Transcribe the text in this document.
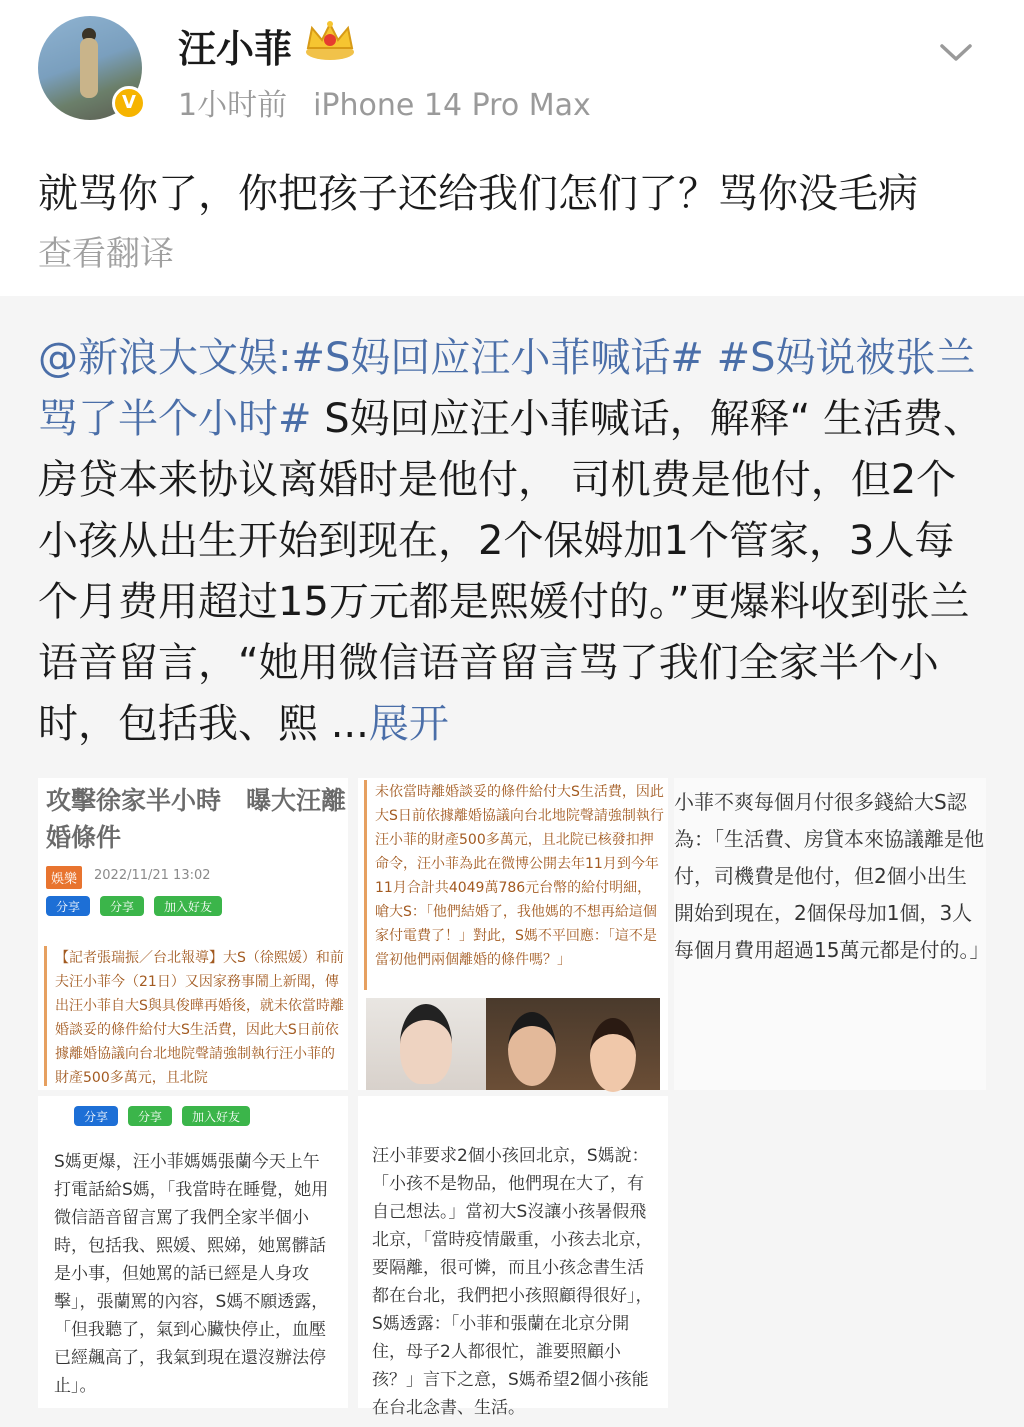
V
汪小菲
1小时前 iPhone 14 Pro Max
就骂你了，你把孩子还给我们怎们了？骂你没毛病
查看翻译
@新浪大文娱:#S妈回应汪小菲喊话# #S妈说被张兰骂了半个小时# S妈回应汪小菲喊话，解释“ 生活费、房贷本来协议离婚时是他付， 司机费是他付，但2个小孩从出生开始到现在，2个保姆加1个管家，3人每个月费用超过15万元都是熙媛付的。”更爆料收到张兰语音留言，“她用微信语音留言骂了我们全家半个小时，包括我、熙 ...展开
攻擊徐家半小時　曝大汪離婚條件
娛樂	2022/11/21 13:02
分享	分享	加入好友
【記者張瑞振／台北報導】大S（徐熙媛）和前夫汪小菲今（21日）又因家務事鬧上新聞，傳出汪小菲自大S與具俊曄再婚後，就未依當時離婚談妥的條件給付大S生活費，因此大S日前依據離婚協議向台北地院聲請強制執行汪小菲的財產500多萬元，且北院
未依當時離婚談妥的條件給付大S生活費，因此大S日前依據離婚協議向台北地院聲請強制執行汪小菲的財產500多萬元，且北院已核發扣押命令，汪小菲為此在微博公開去年11月到今年11月合計共4049萬786元台幣的給付明細，嗆大S：「他們結婚了，我他媽的不想再給這個家付電費了！」對此，S媽不平回應：「這不是當初他們兩個離婚的條件嗎？」
小菲不爽每個月付很多錢給大S認為：「生活費、房貸本來協議離是他付，司機費是他付，但2個小出生開始到現在，2個保母加1個，3人每個月費用超過15萬元都是付的。」
分享	分享	加入好友
S媽更爆，汪小菲媽媽張蘭今天上午打電話給S媽，「我當時在睡覺，她用微信語音留言罵了我們全家半個小時，包括我、熙媛、熙娣，她罵髒話是小事，但她罵的話已經是人身攻擊」，張蘭罵的內容，S媽不願透露，「但我聽了，氣到心臟快停止，血壓已經飆高了，我氣到現在還沒辦法停止」。
汪小菲要求2個小孩回北京，S媽說：「小孩不是物品，他們現在大了，有自己想法。」當初大S沒讓小孩暑假飛北京，「當時疫情嚴重，小孩去北京，要隔離，很可憐，而且小孩念書生活都在台北，我們把小孩照顧得很好」，S媽透露：「小菲和張蘭在北京分開住，母子2人都很忙，誰要照顧小孩？」言下之意，S媽希望2個小孩能在台北念書、生活。
